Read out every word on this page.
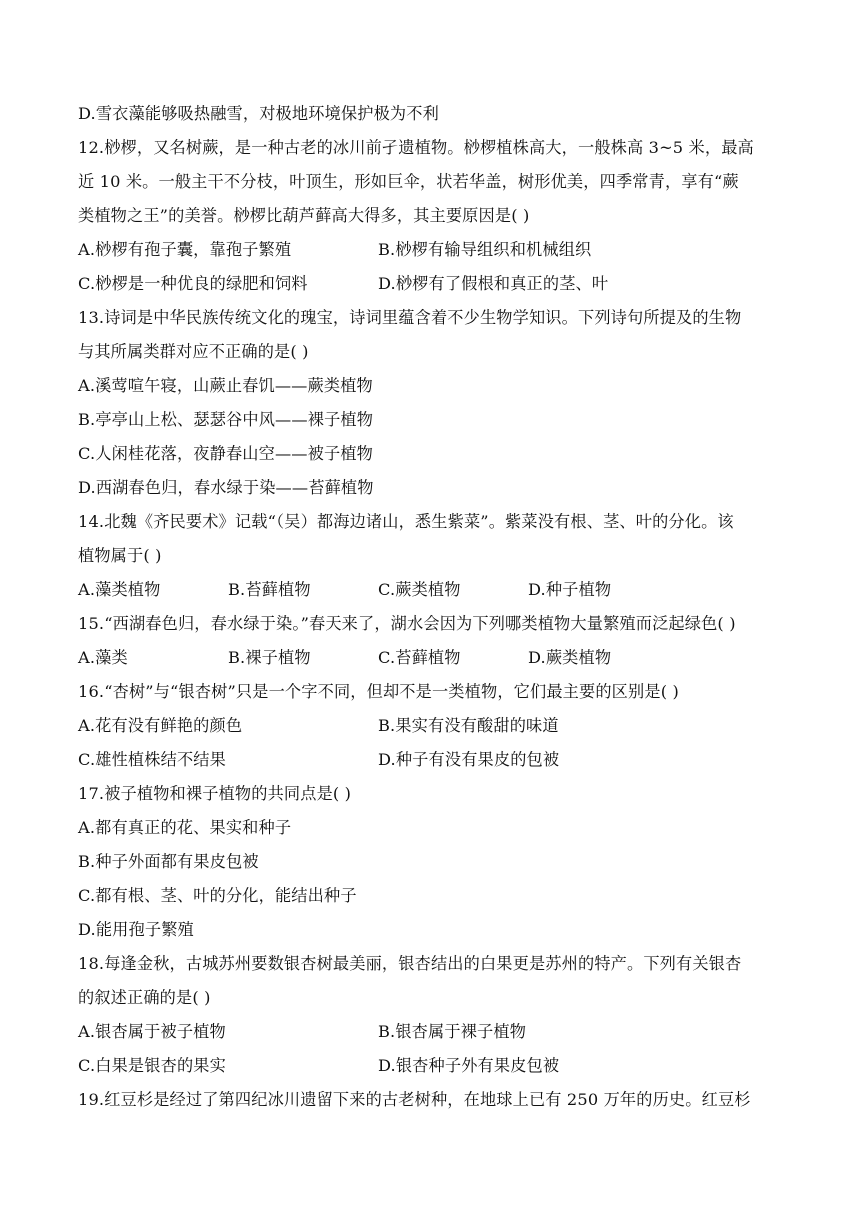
D.雪衣藻能够吸热融雪，对极地环境保护极为不利
12.桫椤，又名树蕨，是一种古老的冰川前孑遗植物。桫椤植株高大，一般株高 3~5 米，最高
近 10 米。一般主干不分枝，叶顶生，形如巨伞，状若华盖，树形优美，四季常青，享有“蕨
类植物之王”的美誉。桫椤比葫芦藓高大得多，其主要原因是( )
A.桫椤有孢子囊，靠孢子繁殖	B.桫椤有输导组织和机械组织
C.桫椤是一种优良的绿肥和饲料	D.桫椤有了假根和真正的茎、叶
13.诗词是中华民族传统文化的瑰宝，诗词里蕴含着不少生物学知识。下列诗句所提及的生物
与其所属类群对应不正确的是( )
A.溪莺喧午寝，山蕨止春饥——蕨类植物
B.亭亭山上松、瑟瑟谷中风——裸子植物
C.人闲桂花落，夜静春山空——被子植物
D.西湖春色归，春水绿于染——苔藓植物
14.北魏《齐民要术》记载“（吴）都海边诸山，悉生紫菜”。紫菜没有根、茎、叶的分化。该
植物属于( )
A.藻类植物	B.苔藓植物	C.蕨类植物	D.种子植物
15.“西湖春色归，春水绿于染。”春天来了，湖水会因为下列哪类植物大量繁殖而泛起绿色( )
A.藻类	B.裸子植物	C.苔藓植物	D.蕨类植物
16.“杏树”与“银杏树”只是一个字不同，但却不是一类植物，它们最主要的区别是( )
A.花有没有鲜艳的颜色	B.果实有没有酸甜的味道
C.雄性植株结不结果	D.种子有没有果皮的包被
17.被子植物和裸子植物的共同点是( )
A.都有真正的花、果实和种子
B.种子外面都有果皮包被
C.都有根、茎、叶的分化，能结出种子
D.能用孢子繁殖
18.每逢金秋，古城苏州要数银杏树最美丽，银杏结出的白果更是苏州的特产。下列有关银杏
的叙述正确的是( )
A.银杏属于被子植物	B.银杏属于裸子植物
C.白果是银杏的果实	D.银杏种子外有果皮包被
19.红豆杉是经过了第四纪冰川遗留下来的古老树种，在地球上已有 250 万年的历史。红豆杉
